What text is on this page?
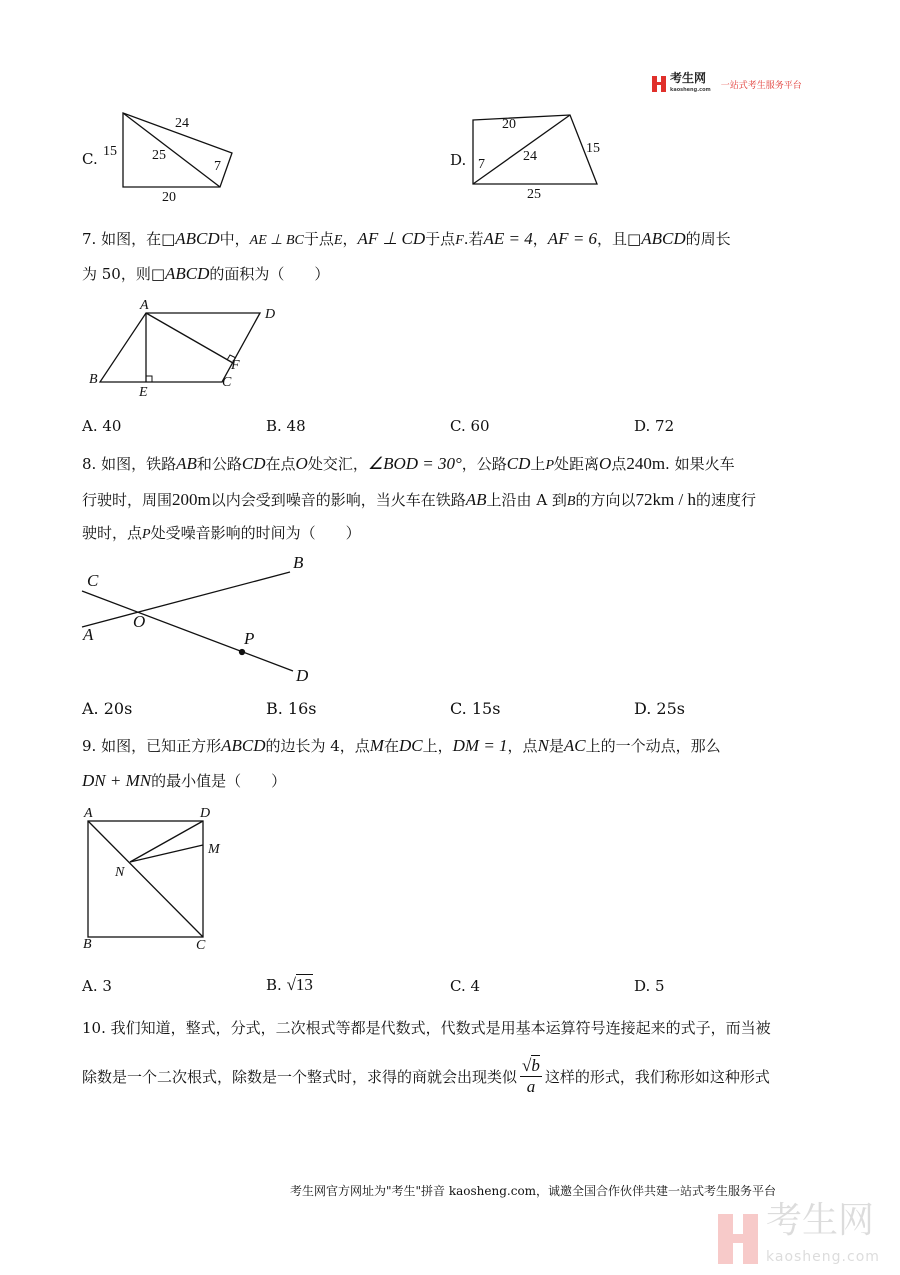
考生网
kaosheng.com 一站式考生服务平台
C. 15
24
25
7
20
D.
20
7
24
15
25
7. 如图，在□ABCD中，AE ⊥ BC于点E，AF ⊥ CD于点F.若AE = 4，AF = 6，且□ABCD的周长
为 50，则□ABCD的面积为（　　）
A
D
B
E
C
F
A. 40	B. 48	C. 60	D. 72
8. 如图，铁路AB和公路CD在点O处交汇，∠BOD = 30°，公路CD上P处距离O点240m. 如果火车
行驶时，周围200m以内会受到噪音的影响，当火车在铁路AB上沿由 A 到B的方向以72km / h的速度行
驶时，点P处受噪音影响的时间为（　　）
C
B
A
O
P
D
A. 20s	B. 16s	C. 15s	D. 25s
9. 如图，已知正方形ABCD的边长为 4，点M在DC上，DM = 1，点N是AC上的一个动点，那么
DN + MN的最小值是（　　）
A	D
M
N
B	C
A. 3	B. √13	C. 4	D. 5
10. 我们知道，整式，分式，二次根式等都是代数式，代数式是用基本运算符号连接起来的式子，而当被
除数是一个二次根式，除数是一个整式时，求得的商就会出现类似 $\frac{√b}{a}$ 这样的形式，我们称形如这种形式
考生网官方网址为"考生"拼音 kaosheng.com，诚邀全国合作伙伴共建一站式考生服务平台
考生网
kaosheng.com
